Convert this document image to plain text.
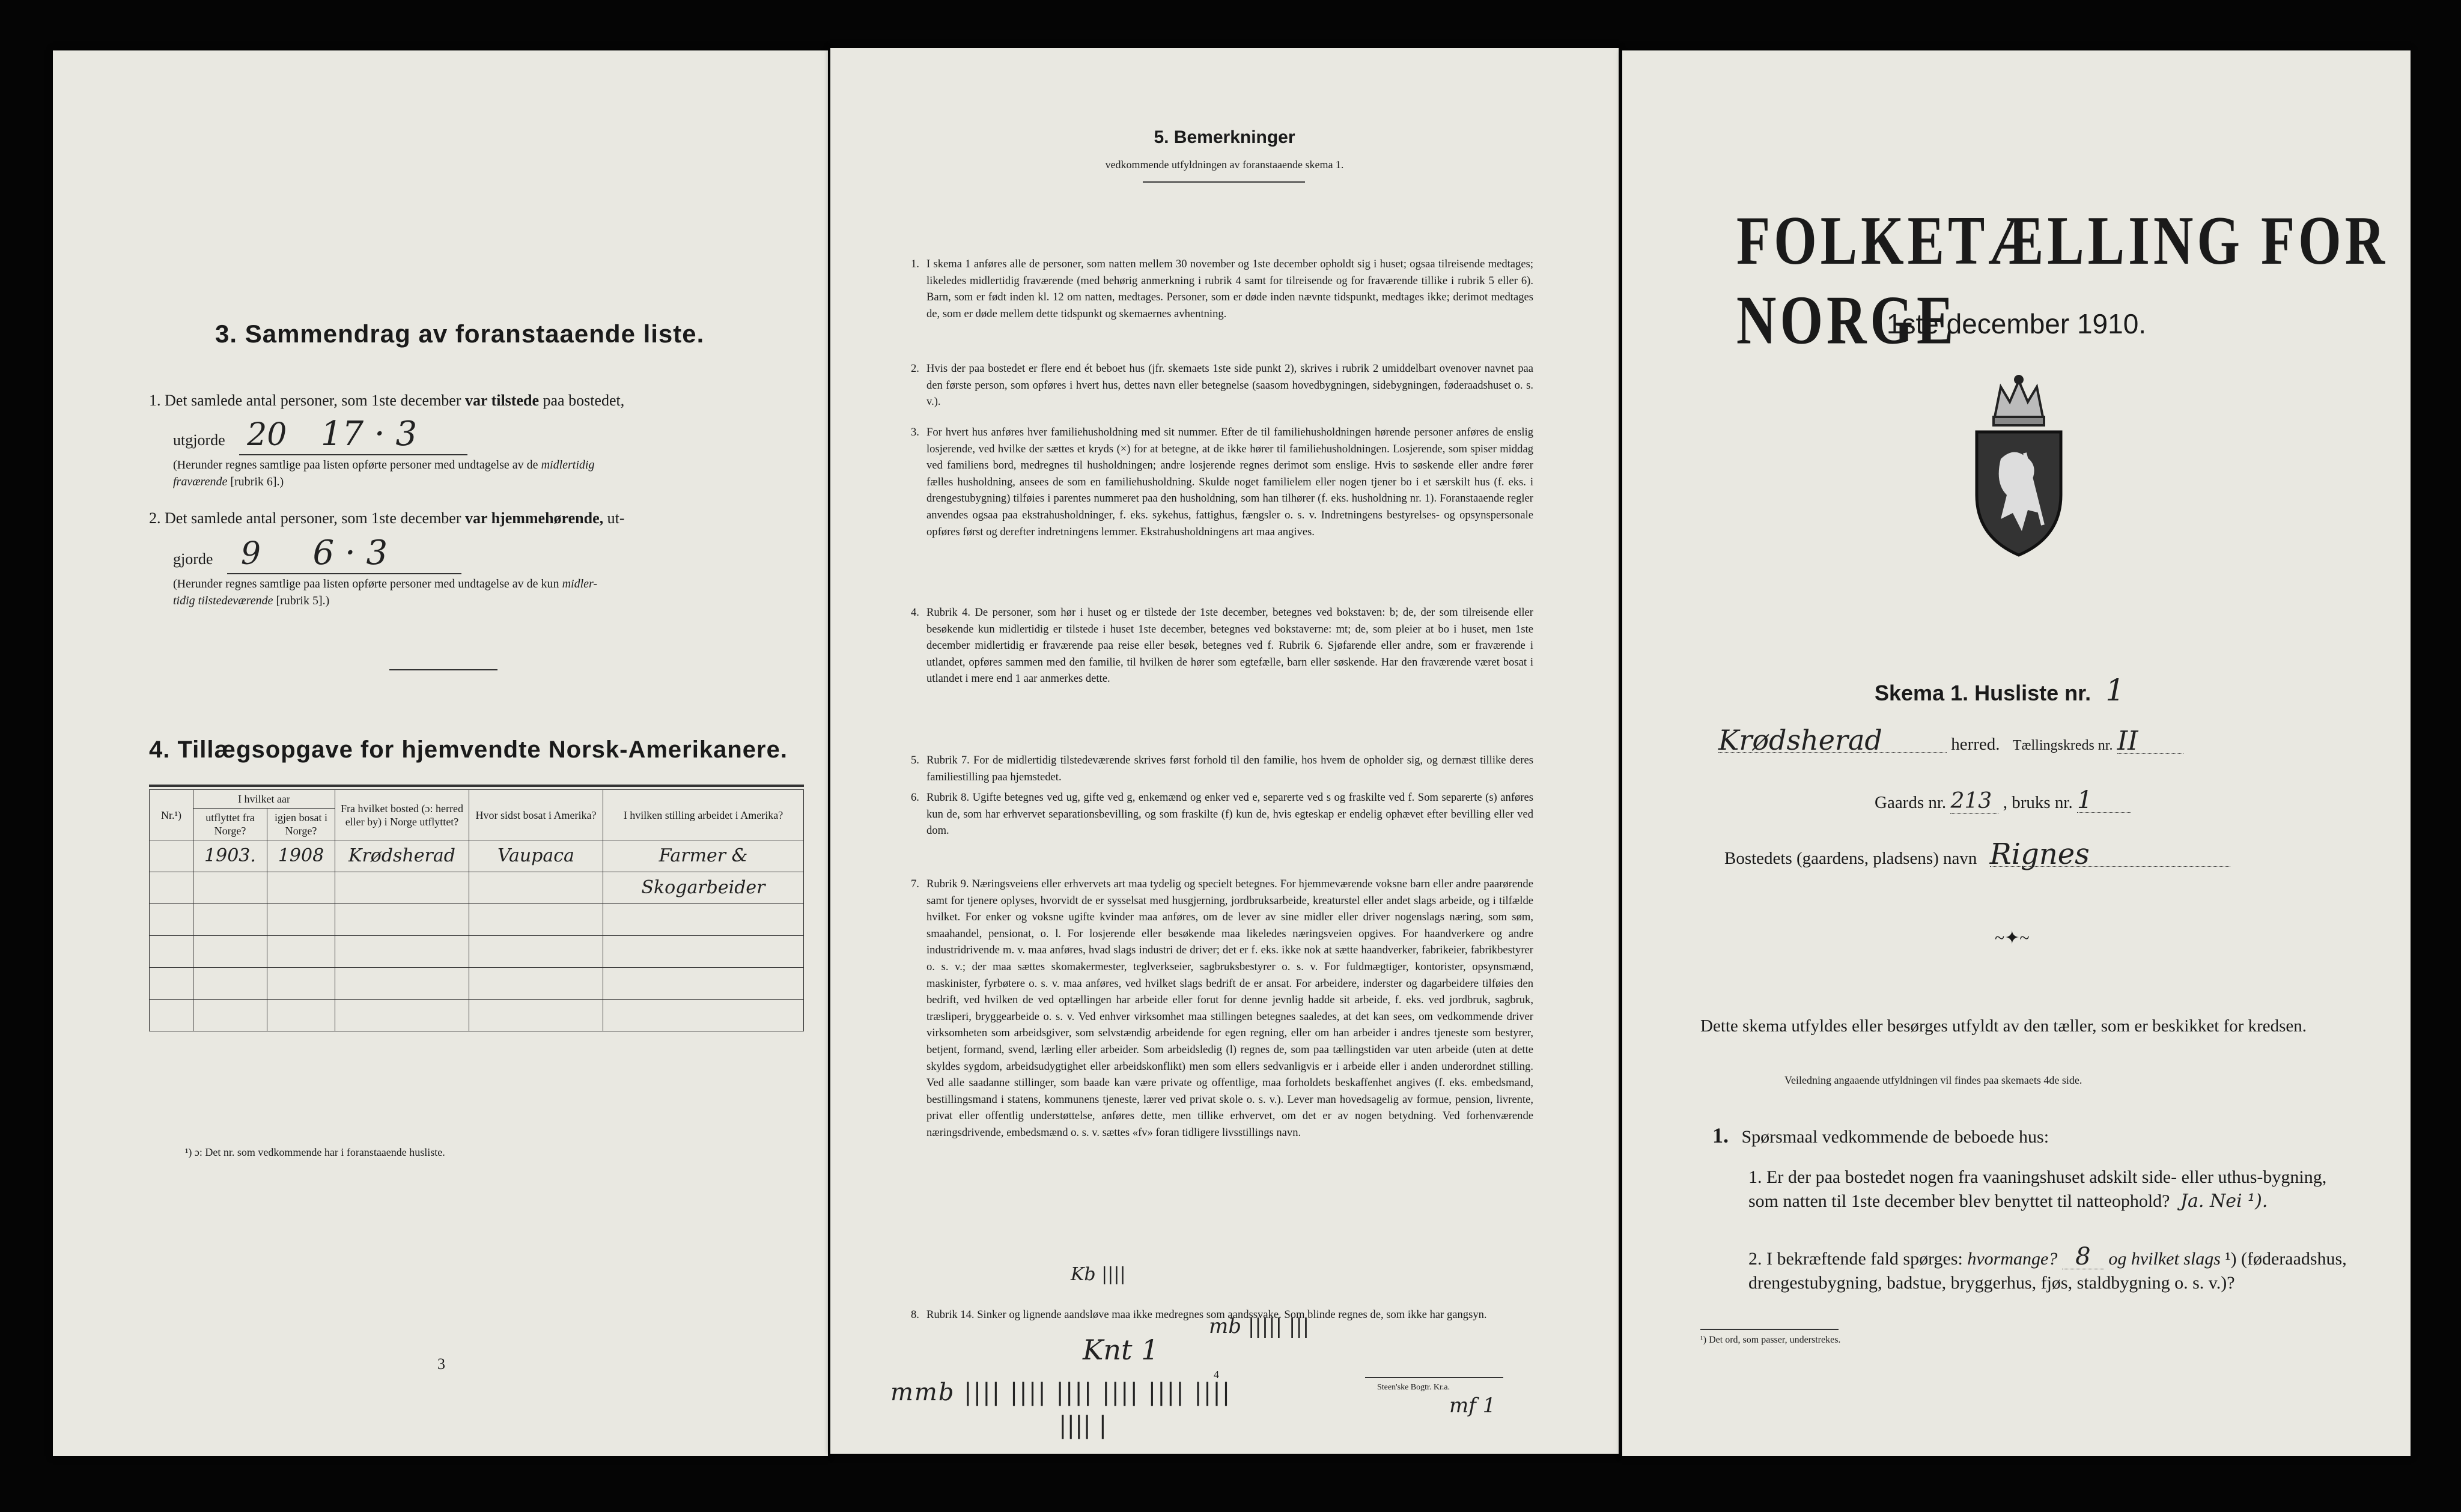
3. Sammendrag av foranstaaende liste.
1. Det samlede antal personer, som 1ste december var tilstede paa bostedet,
utgjorde 20 17 · 3
(Herunder regnes samtlige paa listen opførte personer med undtagelse av de midlertidig
fraværende [rubrik 6].)
2. Det samlede antal personer, som 1ste december var hjemmehørende, ut-
gjorde 9 6 · 3
(Herunder regnes samtlige paa listen opførte personer med undtagelse av de kun midler-
tidig tilstedeværende [rubrik 5].)
4. Tillægsopgave for hjemvendte Norsk-Amerikanere.
Nr.¹)	I hvilket aar		Fra hvilket bosted (ɔ: herred eller by) i Norge utflyttet?	Hvor sidst bosat i Amerika?	I hvilken stilling arbeidet i Amerika?
	utflyttet fra Norge?	igjen bosat i Norge?			
	1903.	1908	Krødsherad	Vaupaca	Farmer &
					Skogarbeider

¹) ɔ: Det nr. som vedkommende har i foranstaaende husliste.
3
5. Bemerkninger
vedkommende utfyldningen av foranstaaende skema 1.
1. I skema 1 anføres alle de personer, som natten mellem 30 november og 1ste december opholdt sig i huset; ogsaa tilreisende medtages; likeledes midlertidig fraværende (med behørig anmerkning i rubrik 4 samt for tilreisende og for fraværende tillike i rubrik 5 eller 6). Barn, som er født inden kl. 12 om natten, medtages. Personer, som er døde inden nævnte tidspunkt, medtages ikke; derimot medtages de, som er døde mellem dette tidspunkt og skemaernes avhentning.
2. Hvis der paa bostedet er flere end ét beboet hus (jfr. skemaets 1ste side punkt 2), skrives i rubrik 2 umiddelbart ovenover navnet paa den første person, som opføres i hvert hus, dettes navn eller betegnelse (saasom hovedbygningen, sidebygningen, føderaadshuset o. s. v.).
3. For hvert hus anføres hver familiehusholdning med sit nummer. Efter de til familiehusholdningen hørende personer anføres de enslig losjerende, ved hvilke der sættes et kryds (×) for at betegne, at de ikke hører til familiehusholdningen. Losjerende, som spiser middag ved familiens bord, medregnes til husholdningen; andre losjerende regnes derimot som enslige. Hvis to søskende eller andre fører fælles husholdning, ansees de som en familiehusholdning. Skulde noget familielem eller nogen tjener bo i et særskilt hus (f. eks. i drengestubygning) tilføies i parentes nummeret paa den husholdning, som han tilhører (f. eks. husholdning nr. 1). Foranstaaende regler anvendes ogsaa paa ekstrahusholdninger, f. eks. sykehus, fattighus, fængsler o. s. v. Indretningens bestyrelses- og opsynspersonale opføres først og derefter indretningens lemmer. Ekstrahusholdningens art maa angives.
4. Rubrik 4. De personer, som hør i huset og er tilstede der 1ste december, betegnes ved bokstaven: b; de, der som tilreisende eller besøkende kun midlertidig er tilstede i huset 1ste december, betegnes ved bokstaverne: mt; de, som pleier at bo i huset, men 1ste december midlertidig er fraværende paa reise eller besøk, betegnes ved f. Rubrik 6. Sjøfarende eller andre, som er fraværende i utlandet, opføres sammen med den familie, til hvilken de hører som egtefælle, barn eller søskende. Har den fraværende været bosat i utlandet i mere end 1 aar anmerkes dette.
5. Rubrik 7. For de midlertidig tilstedeværende skrives først forhold til den familie, hos hvem de opholder sig, og dernæst tillike deres familiestilling paa hjemstedet.
6. Rubrik 8. Ugifte betegnes ved ug, gifte ved g, enkemænd og enker ved e, separerte ved s og fraskilte ved f. Som separerte (s) anføres kun de, som har erhvervet separationsbevilling, og som fraskilte (f) kun de, hvis egteskap er endelig ophævet efter bevilling eller ved dom.
7. Rubrik 9. Næringsveiens eller erhvervets art maa tydelig og specielt betegnes. For hjemmeværende voksne barn eller andre paarørende samt for tjenere oplyses, hvorvidt de er sysselsat med husgjerning, jordbruksarbeide, kreaturstel eller andet slags arbeide, og i tilfælde hvilket. For enker og voksne ugifte kvinder maa anføres, om de lever av sine midler eller driver nogenslags næring, som søm, smaahandel, pensionat, o. l. For losjerende eller besøkende maa likeledes næringsveien opgives. For haandverkere og andre industridrivende m. v. maa anføres, hvad slags industri de driver; det er f. eks. ikke nok at sætte haandverker, fabrikeier, fabrikbestyrer o. s. v.; der maa sættes skomakermester, teglverkseier, sagbruksbestyrer o. s. v. For fuldmægtiger, kontorister, opsynsmænd, maskinister, fyrbøtere o. s. v. maa anføres, ved hvilket slags bedrift de er ansat. For arbeidere, inderster og dagarbeidere tilføies den bedrift, ved hvilken de ved optællingen har arbeide eller forut for denne jevnlig hadde sit arbeide, f. eks. ved jordbruk, sagbruk, træsliperi, bryggearbeide o. s. v. Ved enhver virksomhet maa stillingen betegnes saaledes, at det kan sees, om vedkommende driver virksomheten som arbeidsgiver, som selvstændig arbeidende for egen regning, eller om han arbeider i andres tjeneste som bestyrer, betjent, formand, svend, lærling eller arbeider. Som arbeidsledig (l) regnes de, som paa tællingstiden var uten arbeide (uten at dette skyldes sygdom, arbeidsudygtighet eller arbeidskonflikt) men som ellers sedvanligvis er i arbeide eller i anden underordnet stilling. Ved alle saadanne stillinger, som baade kan være private og offentlige, maa forholdets beskaffenhet angives (f. eks. embedsmand, bestillingsmand i statens, kommunens tjeneste, lærer ved privat skole o. s. v.). Lever man hovedsagelig av formue, pension, livrente, privat eller offentlig understøttelse, anføres dette, men tillike erhvervet, om det er av nogen betydning. Ved forhenværende næringsdrivende, embedsmænd o. s. v. sættes «fv» foran tidligere livsstillings navn.
8. Rubrik 14. Sinker og lignende aandsløve maa ikke medregnes som aandssvake. Som blinde regnes de, som ikke har gangsyn.
mb ||||| |||
Kb ||||
Knt 1
mmb |||| |||| |||| |||| |||| ||||
|||| |
4
Steen'ske Bogtr. Kr.a.
mf 1
FOLKETÆLLING FOR NORGE
1ste december 1910.
Skema 1. Husliste nr. 1
Krødsherad	herred. Tællingskreds nr. II
Gaards nr. 213 , bruks nr. 1
Bostedets (gaardens, pladsens) navn Rignes
~✦~
Dette skema utfyldes eller besørges utfyldt av den tæller, som er beskikket for kredsen.
Veiledning angaaende utfyldningen vil findes paa skemaets 4de side.
1. Spørsmaal vedkommende de beboede hus:
1. Er der paa bostedet nogen fra vaaningshuset adskilt side- eller uthus-bygning, som natten til 1ste december blev benyttet til natteophold? Ja. Nei ¹).
2. I bekræftende fald spørges: hvormange? 8 og hvilket slags ¹) (føderaadshus, drengestubygning, badstue, bryggerhus, fjøs, staldbygning o. s. v.)?
¹) Det ord, som passer, understrekes.
